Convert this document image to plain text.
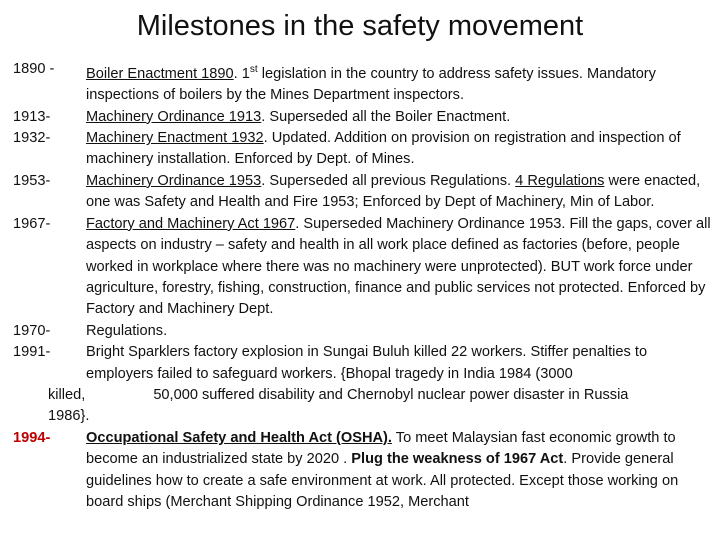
Milestones in the safety movement
1890 - Boiler Enactment 1890. 1st legislation in the country to address safety issues. Mandatory inspections of boilers by the Mines Department inspectors.
1913- Machinery Ordinance 1913. Superseded all the Boiler Enactment.
1932- Machinery Enactment 1932. Updated. Addition on provision on registration and inspection of machinery installation. Enforced by Dept. of Mines.
1953- Machinery Ordinance 1953. Superseded all previous Regulations. 4 Regulations were enacted, one was Safety and Health and Fire 1953; Enforced by Dept of Machinery, Min of Labor.
1967- Factory and Machinery Act 1967. Superseded Machinery Ordinance 1953. Fill the gaps, cover all aspects on industry – safety and health in all work place defined as factories (before, people worked in workplace where there was no machinery were unprotected). BUT work force under agriculture, forestry, fishing, construction, finance and public services not protected. Enforced by Factory and Machinery Dept.
1970- Regulations.
1991- Bright Sparklers factory explosion in Sungai Buluh killed 22 workers. Stiffer penalties to employers failed to safeguard workers. {Bhopal tragedy in India 1984 (3000
killed,	50,000 suffered disability and Chernobyl nuclear power disaster in Russia
1986}.
1994- Occupational Safety and Health Act (OSHA). To meet Malaysian fast economic growth to become an industrialized state by 2020 . Plug the weakness of 1967 Act. Provide general guidelines how to create a safe environment at work. All protected. Except those working on board ships (Merchant Shipping Ordinance 1952, Merchant
